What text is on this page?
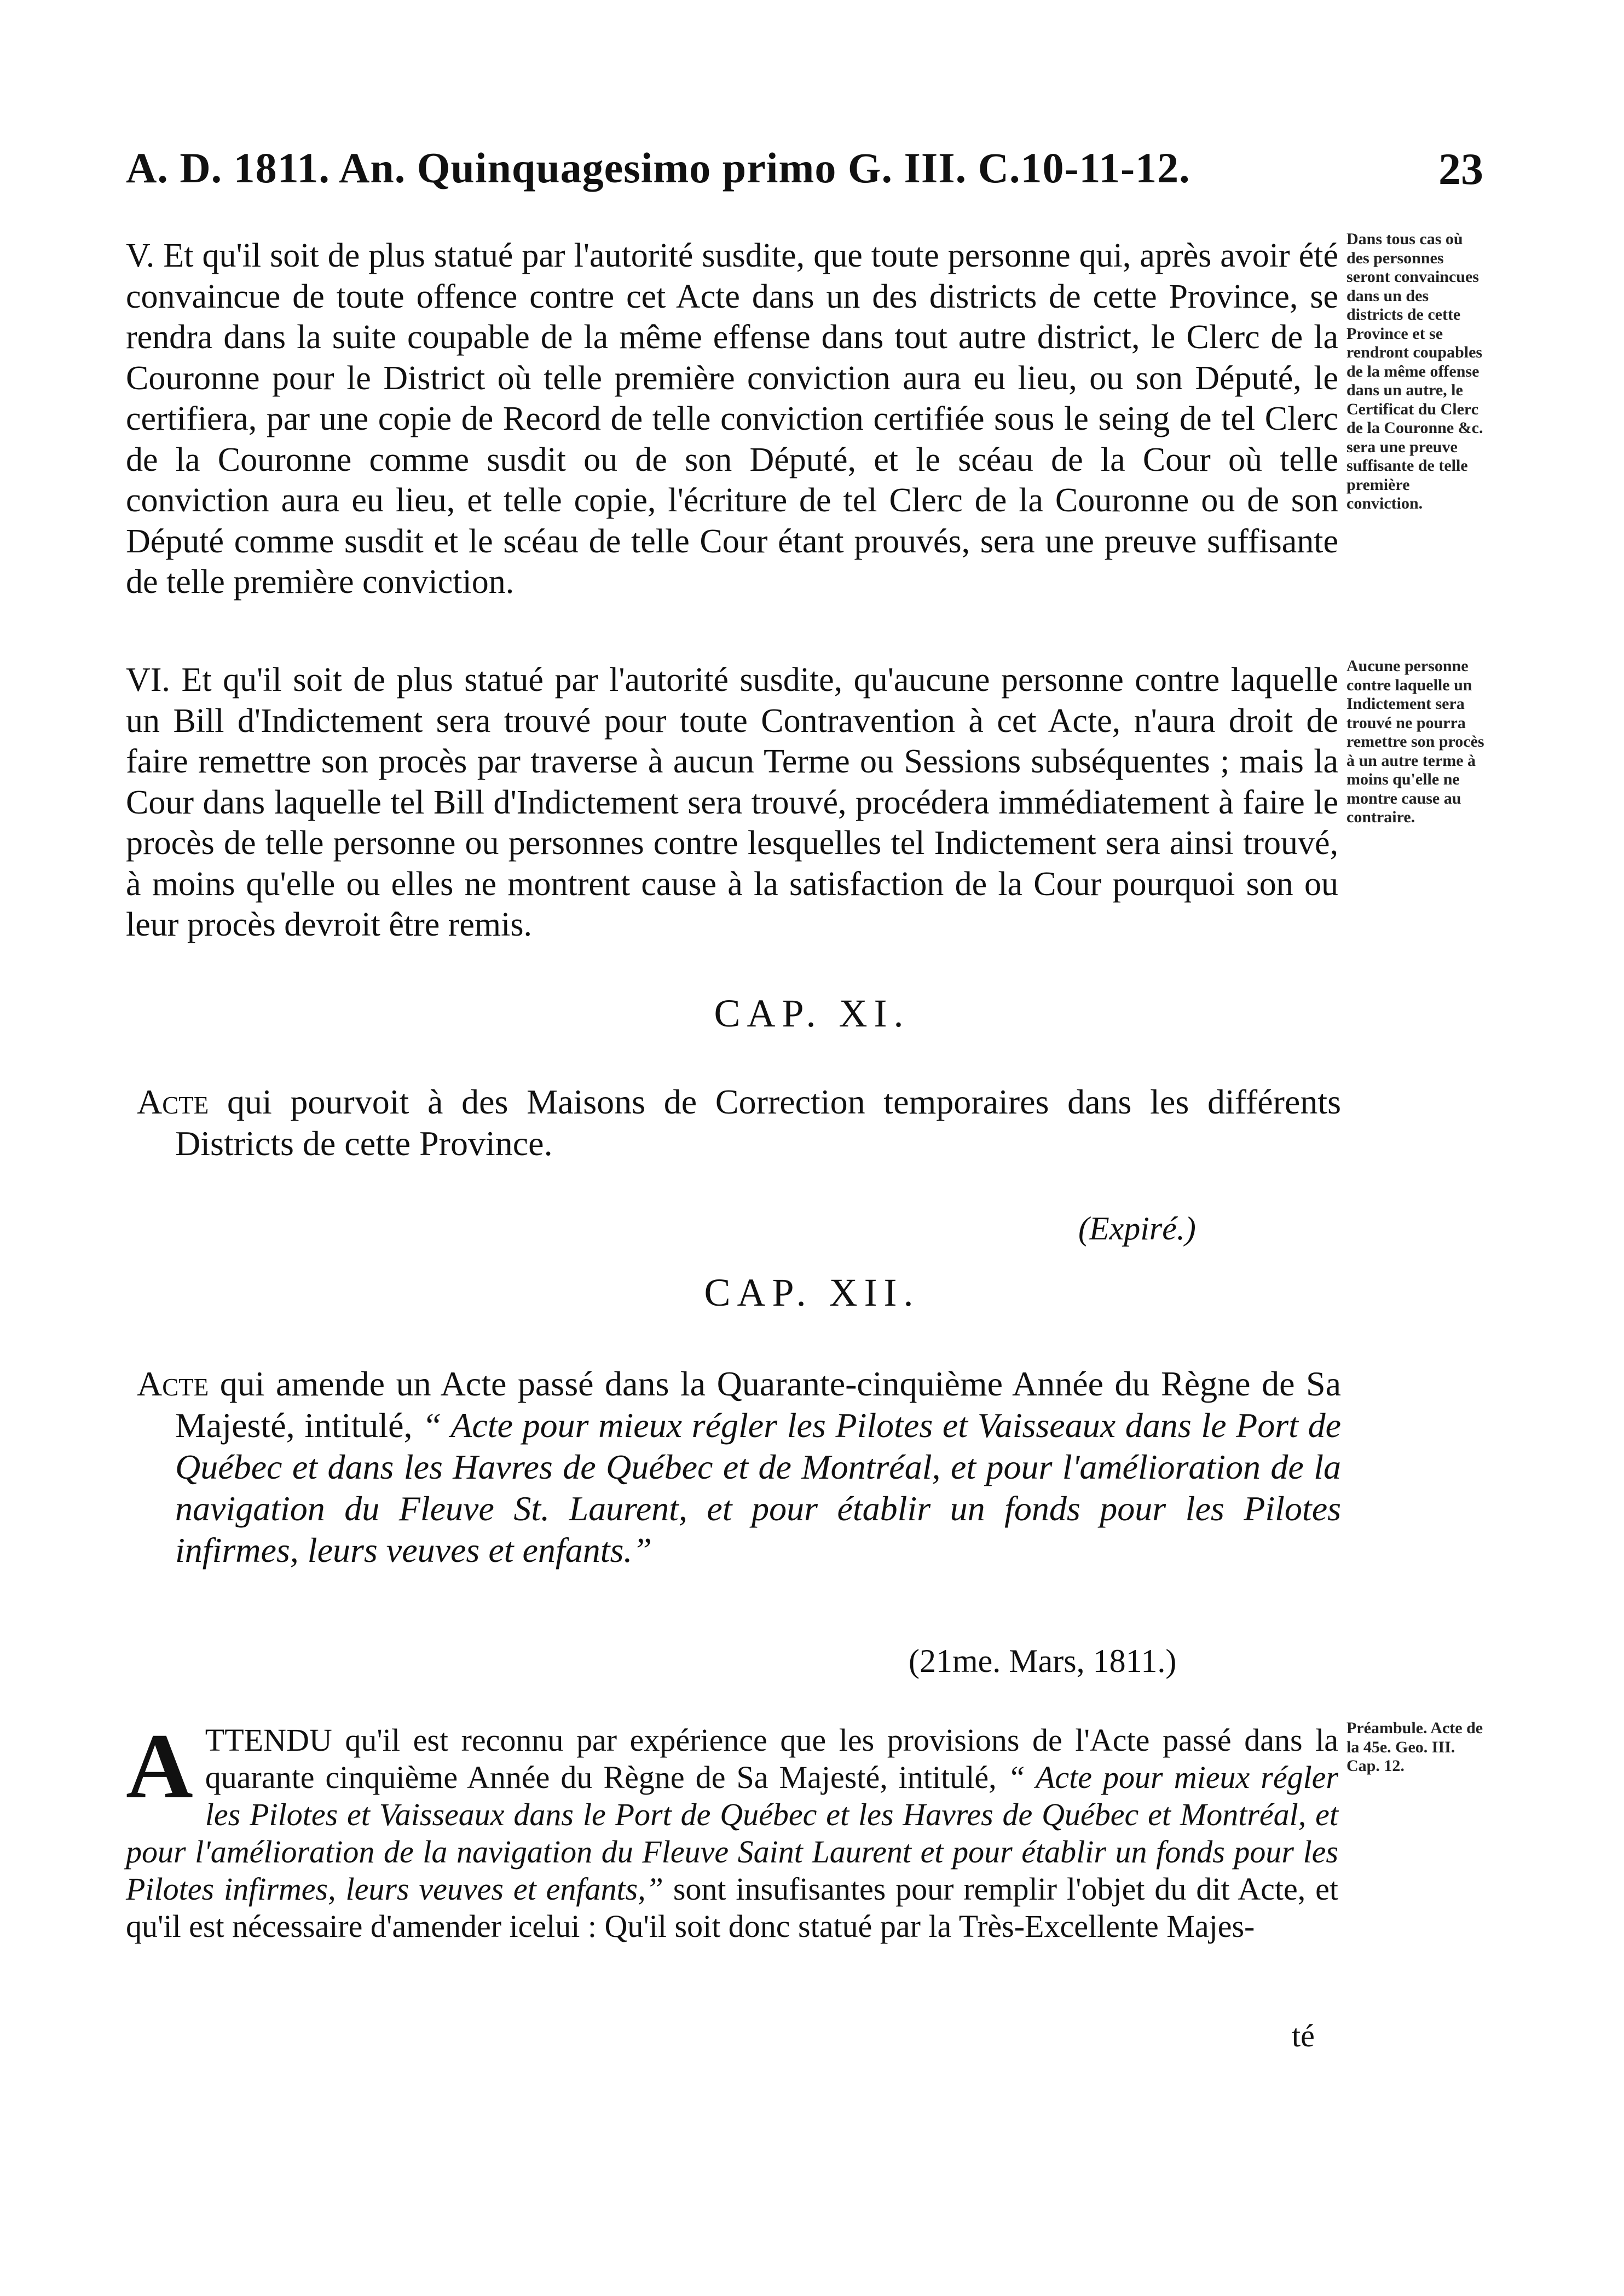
A. D. 1811. An. Quinquagesimo primo G. III. C.10-11-12.	23

V. Et qu'il soit de plus statué par l'autorité susdite, que toute personne qui, après avoir été convaincue de toute offence contre cet Acte dans un des districts de cette Province, se rendra dans la suite coupable de la même effense dans tout autre district, le Clerc de la Couronne pour le District où telle première conviction aura eu lieu, ou son Député, le certifiera, par une copie de Record de telle conviction certifiée sous le seing de tel Clerc de la Couronne comme susdit ou de son Député, et le scéau de la Cour où telle conviction aura eu lieu, et telle copie, l'écriture de tel Clerc de la Couronne ou de son Député comme susdit et le scéau de telle Cour étant prouvés, sera une preuve suffisante de telle première conviction.

Dans tous cas où des personnes seront convaincues dans un des districts de cette Province et se rendront coupables de la même offense dans un autre, le Certificat du Clerc de la Couronne &c. sera une preuve suffisante de telle première conviction.

VI. Et qu'il soit de plus statué par l'autorité susdite, qu'aucune personne contre laquelle un Bill d'Indictement sera trouvé pour toute Contravention à cet Acte, n'aura droit de faire remettre son procès par traverse à aucun Terme ou Sessions subséquentes ; mais la Cour dans laquelle tel Bill d'Indictement sera trouvé, procédera immédiatement à faire le procès de telle personne ou personnes contre lesquelles tel Indictement sera ainsi trouvé, à moins qu'elle ou elles ne montrent cause à la satisfaction de la Cour pourquoi son ou leur procès devroit être remis.

Aucune personne contre laquelle un Indictement sera trouvé ne pourra remettre son procès à un autre terme à moins qu'elle ne montre cause au contraire.
CAP. XI.

Acte qui pourvoit à des Maisons de Correction temporaires dans les différents Districts de cette Province.

(Expiré.)
CAP. XII.

Acte qui amende un Acte passé dans la Quarante-cinquième Année du Règne de Sa Majesté, intitulé, “ Acte pour mieux régler les Pilotes et Vaisseaux dans le Port de Québec et dans les Havres de Québec et de Montréal, et pour l'amélioration de la navigation du Fleuve St. Laurent, et pour établir un fonds pour les Pilotes infirmes, leurs veuves et enfants.”

(21me. Mars, 1811.)

A TTENDU qu'il est reconnu par expérience que les provisions de l'Acte passé dans la quarante cinquième Année du Règne de Sa Majesté, intitulé, “ Acte pour mieux régler les Pilotes et Vaisseaux dans le Port de Québec et les Havres de Québec et Montréal, et pour l'amélioration de la navigation du Fleuve Saint Laurent et pour établir un fonds pour les Pilotes infirmes, leurs veuves et enfants,” sont insufisantes pour remplir l'objet du dit Acte, et qu'il est nécessaire d'amender icelui : Qu'il soit donc statué par la Très-Excellente Majes-

Préambule. Acte de la 45e. Geo. III. Cap. 12.
té
